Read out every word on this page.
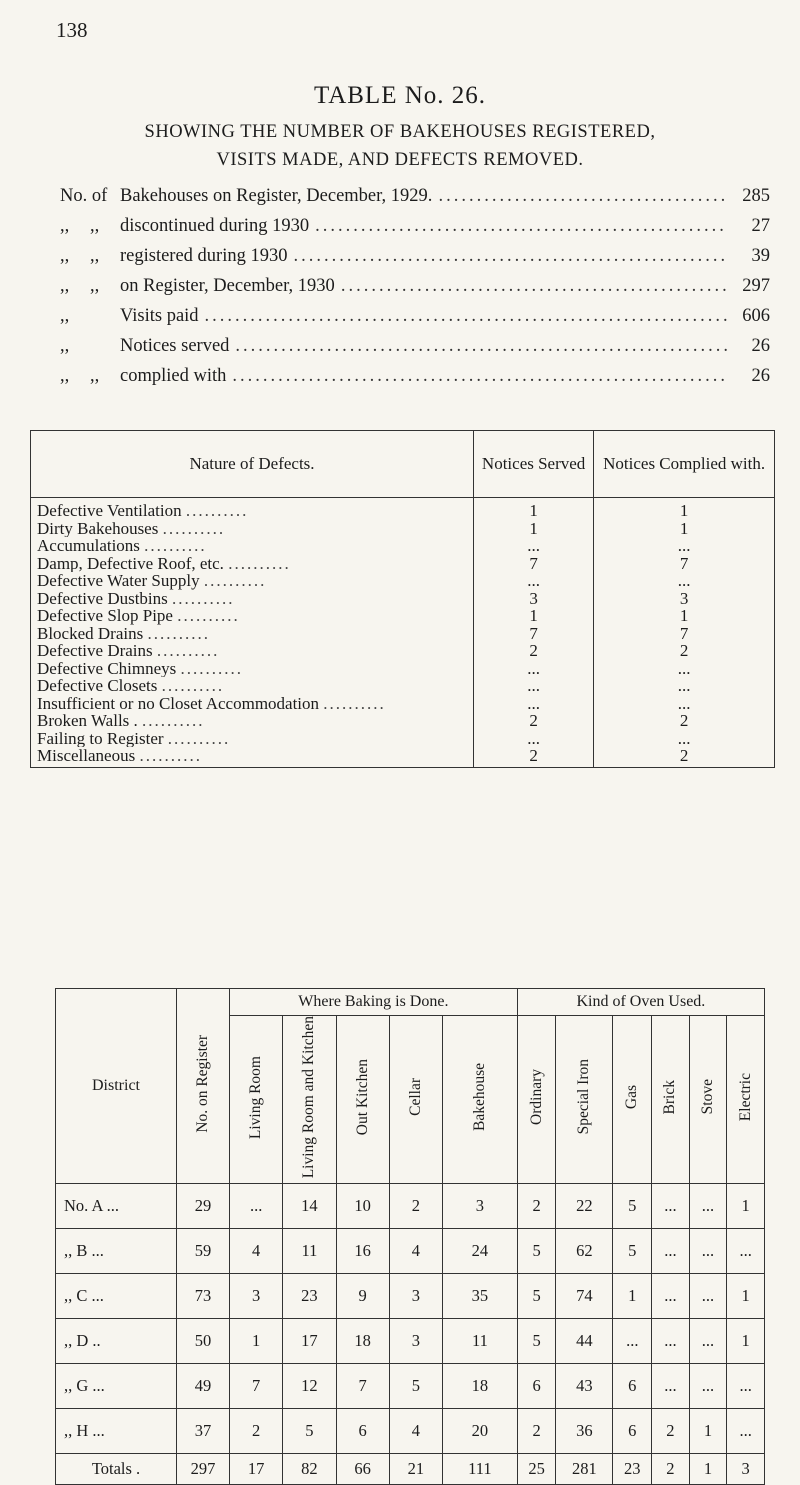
138
TABLE No. 26.
SHOWING THE NUMBER OF BAKEHOUSES REGISTERED,
VISITS MADE, AND DEFECTS REMOVED.
No. of Bakehouses on Register, December, 1929. .....	285
,, ,, discontinued during 1930 .....	27
,, ,, registered during 1930 .....	39
,, ,, on Register, December, 1930 .....	297
,,	Visits paid .....	606
,,	Notices served .....	26
,, ,, complied with .....	26
Nature of Defects.	Notices Served	Notices Complied with.
Defective Ventilation ..........	1	1
Dirty Bakehouses ..........	1	1
Accumulations ..........	...	...
Damp, Defective Roof, etc. ..........	7	7
Defective Water Supply ..........	...	...
Defective Dustbins ..........	3	3
Defective Slop Pipe ..........	1	1
Blocked Drains ..........	7	7
Defective Drains ..........	2	2
Defective Chimneys ..........	...	...
Defective Closets ..........	...	...
Insufficient or no Closet Accommodation ..........	...	...
Broken Walls . ..........	2	2
Failing to Register ..........	...	...
Miscellaneous ..........	2	2
District	No. on Register	Where Baking is Done.					Kind of Oven Used.					
		Living Room	Living Room and Kitchen	Out Kitchen	Cellar	Bakehouse	Ordinary	Special Iron	Gas	Brick	Stove	Electric
No. A ...	29	...	14	10	2	3	2	22	5	...	...	1
,, B ...	59	4	11	16	4	24	5	62	5	...	...	...
,, C ...	73	3	23	9	3	35	5	74	1	...	...	1
,, D ..	50	1	17	18	3	11	5	44	...	...	...	1
,, G ...	49	7	12	7	5	18	6	43	6	...	...	...
,, H ...	37	2	5	6	4	20	2	36	6	2	1	...
Totals .	297	17	82	66	21	111	25	281	23	2	1	3
